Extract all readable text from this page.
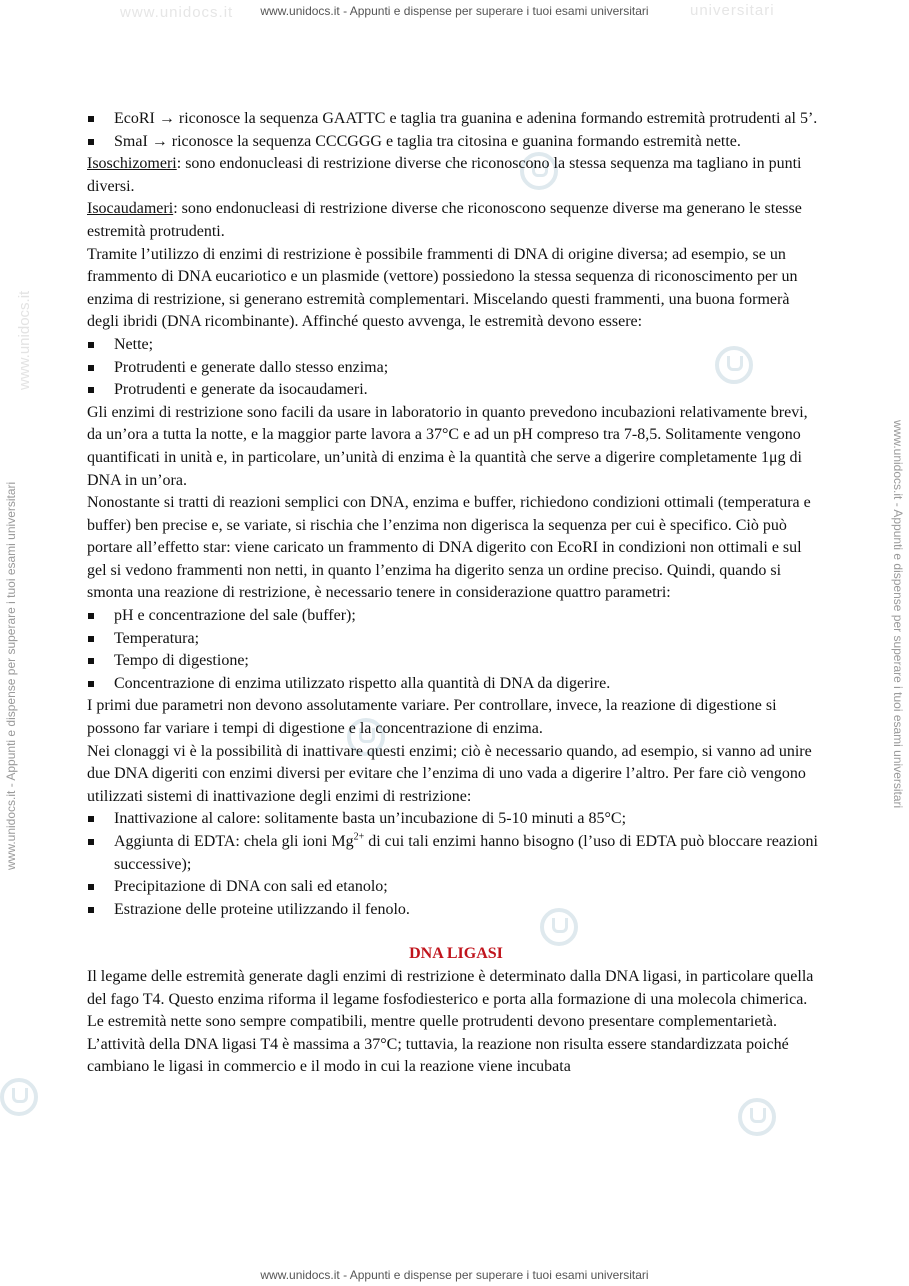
www.unidocs.it	universitari
www.unidocs.it - Appunti e dispense per superare i tuoi esami universitari
www.unidocs.it - Appunti e dispense per superare i tuoi esami universitari
www.unidocs.it - Appunti e dispense per superare i tuoi esami universitari	www.unidocs.it - Appunti e dispense per superare i tuoi esami universitari
www.unidocs.it

EcoRI → riconosce la sequenza GAATTC e taglia tra guanina e adenina formando estremità protrudenti al 5’.

SmaI → riconosce la sequenza CCCGGG e taglia tra citosina e guanina formando estremità nette.

Isoschizomeri: sono endonucleasi di restrizione diverse che riconoscono la stessa sequenza ma tagliano in punti diversi.

Isocaudameri: sono endonucleasi di restrizione diverse che riconoscono sequenze diverse ma generano le stesse estremità protrudenti.

Tramite l’utilizzo di enzimi di restrizione è possibile frammenti di DNA di origine diversa; ad esempio, se un frammento di DNA eucariotico e un plasmide (vettore) possiedono la stessa sequenza di riconoscimento per un enzima di restrizione, si generano estremità complementari. Miscelando questi frammenti, una buona formerà degli ibridi (DNA ricombinante). Affinché questo avvenga, le estremità devono essere:

Nette;

Protrudenti e generate dallo stesso enzima;

Protrudenti e generate da isocaudameri.

Gli enzimi di restrizione sono facili da usare in laboratorio in quanto prevedono incubazioni relativamente brevi, da un’ora a tutta la notte, e la maggior parte lavora a 37°C e ad un pH compreso tra 7-8,5. Solitamente vengono quantificati in unità e, in particolare, un’unità di enzima è la quantità che serve a digerire completamente 1μg di DNA in un’ora.

Nonostante si tratti di reazioni semplici con DNA, enzima e buffer, richiedono condizioni ottimali (temperatura e buffer) ben precise e, se variate, si rischia che l’enzima non digerisca la sequenza per cui è specifico. Ciò può portare all’effetto star: viene caricato un frammento di DNA digerito con EcoRI in condizioni non ottimali e sul gel si vedono frammenti non netti, in quanto l’enzima ha digerito senza un ordine preciso. Quindi, quando si smonta una reazione di restrizione, è necessario tenere in considerazione quattro parametri:

pH e concentrazione del sale (buffer);

Temperatura;

Tempo di digestione;

Concentrazione di enzima utilizzato rispetto alla quantità di DNA da digerire.

I primi due parametri non devono assolutamente variare. Per controllare, invece, la reazione di digestione si possono far variare i tempi di digestione e la concentrazione di enzima.

Nei clonaggi vi è la possibilità di inattivare questi enzimi; ciò è necessario quando, ad esempio, si vanno ad unire due DNA digeriti con enzimi diversi per evitare che l’enzima di uno vada a digerire l’altro. Per fare ciò vengono utilizzati sistemi di inattivazione degli enzimi di restrizione:

Inattivazione al calore: solitamente basta un’incubazione di 5-10 minuti a 85°C;

Aggiunta di EDTA: chela gli ioni $Mg^{2+}$ di cui tali enzimi hanno bisogno (l’uso di EDTA può bloccare reazioni successive);

Precipitazione di DNA con sali ed etanolo;

Estrazione delle proteine utilizzando il fenolo.

DNA LIGASI

Il legame delle estremità generate dagli enzimi di restrizione è determinato dalla DNA ligasi, in particolare quella del fago T4. Questo enzima riforma il legame fosfodiesterico e porta alla formazione di una molecola chimerica. Le estremità nette sono sempre compatibili, mentre quelle protrudenti devono presentare complementarietà.

L’attività della DNA ligasi T4 è massima a 37°C; tuttavia, la reazione non risulta essere standardizzata poiché cambiano le ligasi in commercio e il modo in cui la reazione viene incubata
